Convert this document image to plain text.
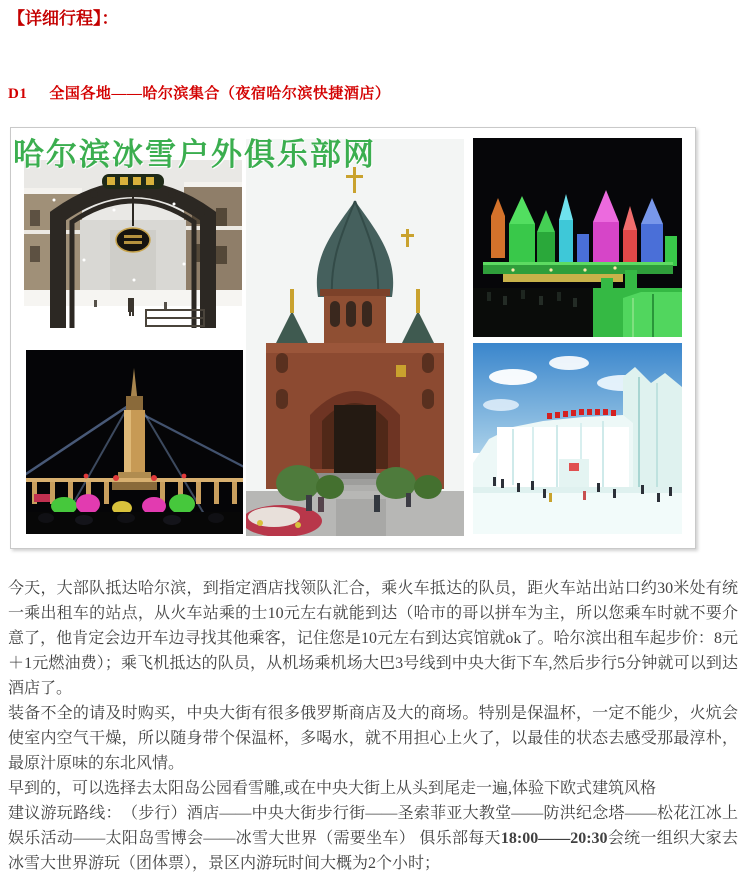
【详细行程】：
D1 全国各地——哈尔滨集合（夜宿哈尔滨快捷酒店）
哈尔滨冰雪户外俱乐部网

今天，大部队抵达哈尔滨，到指定酒店找领队汇合，乘火车抵达的队员，距火车站出站口约30米处有统一乘出租车的站点，从火车站乘的士10元左右就能到达（哈市的哥以拼车为主，所以您乘车时就不要介意了，他肯定会边开车边寻找其他乘客，记住您是10元左右到达宾馆就ok了。哈尔滨出租车起步价：8元＋1元燃油费）；乘飞机抵达的队员，从机场乘机场大巴3号线到中央大街下车,然后步行5分钟就可以到达酒店了。

装备不全的请及时购买，中央大街有很多俄罗斯商店及大的商场。特别是保温杯，一定不能少，火炕会使室内空气干燥，所以随身带个保温杯，多喝水，就不用担心上火了，以最佳的状态去感受那最淳朴，最原汁原味的东北风情。

早到的，可以选择去太阳岛公园看雪雕,或在中央大街上从头到尾走一遍,体验下欧式建筑风格

建议游玩路线：　（步行）酒店——中央大街步行街——圣索菲亚大教堂——防洪纪念塔——松花江冰上娱乐活动——太阳岛雪博会——冰雪大世界（需要坐车） 俱乐部每天18:00——20:30会统一组织大家去冰雪大世界游玩（团体票），景区内游玩时间大概为2个小时；
